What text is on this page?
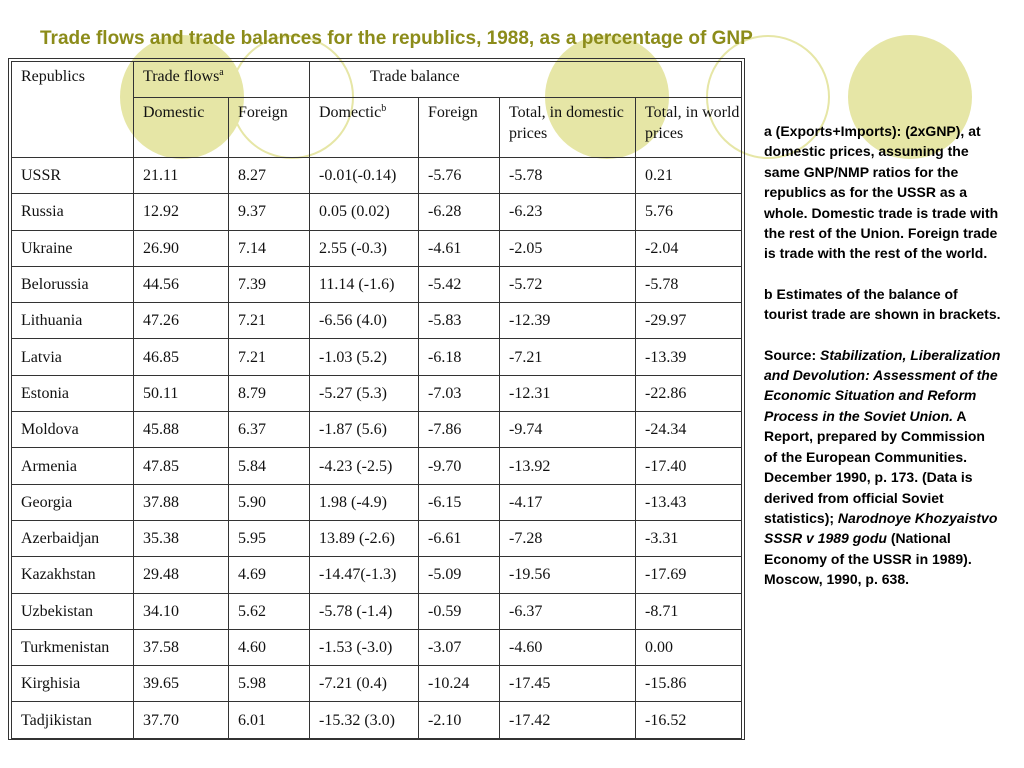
Trade flows and trade balances for the republics, 1988, as a percentage of GNP
Republics	Trade flows$^a$		Trade balance			
	Domestic	Foreign	Domectic$^b$	Foreign	Total, in domestic prices	Total, in world prices
USSR	21.11	8.27	-0.01(-0.14)	-5.76	-5.78	0.21
Russia	12.92	9.37	0.05 (0.02)	-6.28	-6.23	5.76
Ukraine	26.90	7.14	2.55 (-0.3)	-4.61	-2.05	-2.04
Belorussia	44.56	7.39	11.14 (-1.6)	-5.42	-5.72	-5.78
Lithuania	47.26	7.21	-6.56 (4.0)	-5.83	-12.39	-29.97
Latvia	46.85	7.21	-1.03 (5.2)	-6.18	-7.21	-13.39
Estonia	50.11	8.79	-5.27 (5.3)	-7.03	-12.31	-22.86
Moldova	45.88	6.37	-1.87 (5.6)	-7.86	-9.74	-24.34
Armenia	47.85	5.84	-4.23 (-2.5)	-9.70	-13.92	-17.40
Georgia	37.88	5.90	1.98 (-4.9)	-6.15	-4.17	-13.43
Azerbaidjan	35.38	5.95	13.89 (-2.6)	-6.61	-7.28	-3.31
Kazakhstan	29.48	4.69	-14.47(-1.3)	-5.09	-19.56	-17.69
Uzbekistan	34.10	5.62	-5.78 (-1.4)	-0.59	-6.37	-8.71
Turkmenistan	37.58	4.60	-1.53 (-3.0)	-3.07	-4.60	0.00
Kirghisia	39.65	5.98	-7.21 (0.4)	-10.24	-17.45	-15.86
Tadjikistan	37.70	6.01	-15.32 (3.0)	-2.10	-17.42	-16.52

a (Exports+Imports): (2xGNP), at domestic prices, assuming the same GNP/NMP ratios for the republics as for the USSR as a whole. Domestic trade is trade with the rest of the Union. Foreign trade is trade with the rest of the world.

b Estimates of the balance of tourist trade are shown in brackets.

Source: Stabilization, Liberalization and Devolution: Assessment of the Economic Situation and Reform Process in the Soviet Union. A Report, prepared by Commission of the European Communities. December 1990, p. 173. (Data is derived from official Soviet statistics); Narodnoye Khozyaistvo SSSR v 1989 godu (National Economy of the USSR in 1989). Moscow, 1990, p. 638.
